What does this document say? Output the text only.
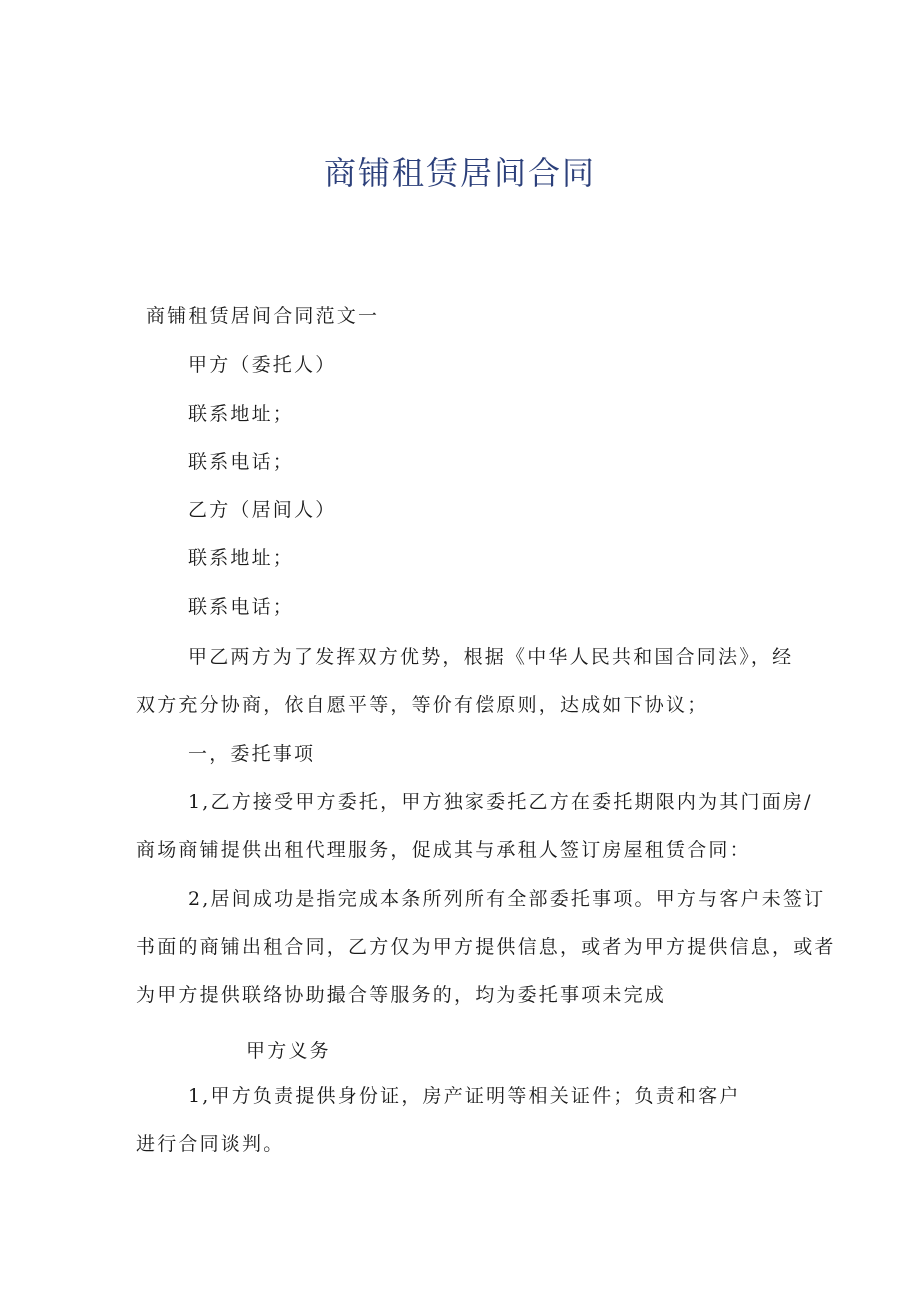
商铺租赁居间合同

商铺租赁居间合同范文一

甲方（委托人）

联系地址；

联系电话；

乙方（居间人）

联系地址；

联系电话；

甲乙两方为了发挥双方优势，根据《中华人民共和国合同法》，经

双方充分协商，依自愿平等，等价有偿原则，达成如下协议；

一，委托事项

1,乙方接受甲方委托，甲方独家委托乙方在委托期限内为其门面房/

商场商铺提供出租代理服务，促成其与承租人签订房屋租赁合同：

2,居间成功是指完成本条所列所有全部委托事项。甲方与客户未签订

书面的商铺出租合同，乙方仅为甲方提供信息，或者为甲方提供信息，或者

为甲方提供联络协助撮合等服务的，均为委托事项未完成

甲方义务

1,甲方负责提供身份证，房产证明等相关证件；负责和客户

进行合同谈判。
